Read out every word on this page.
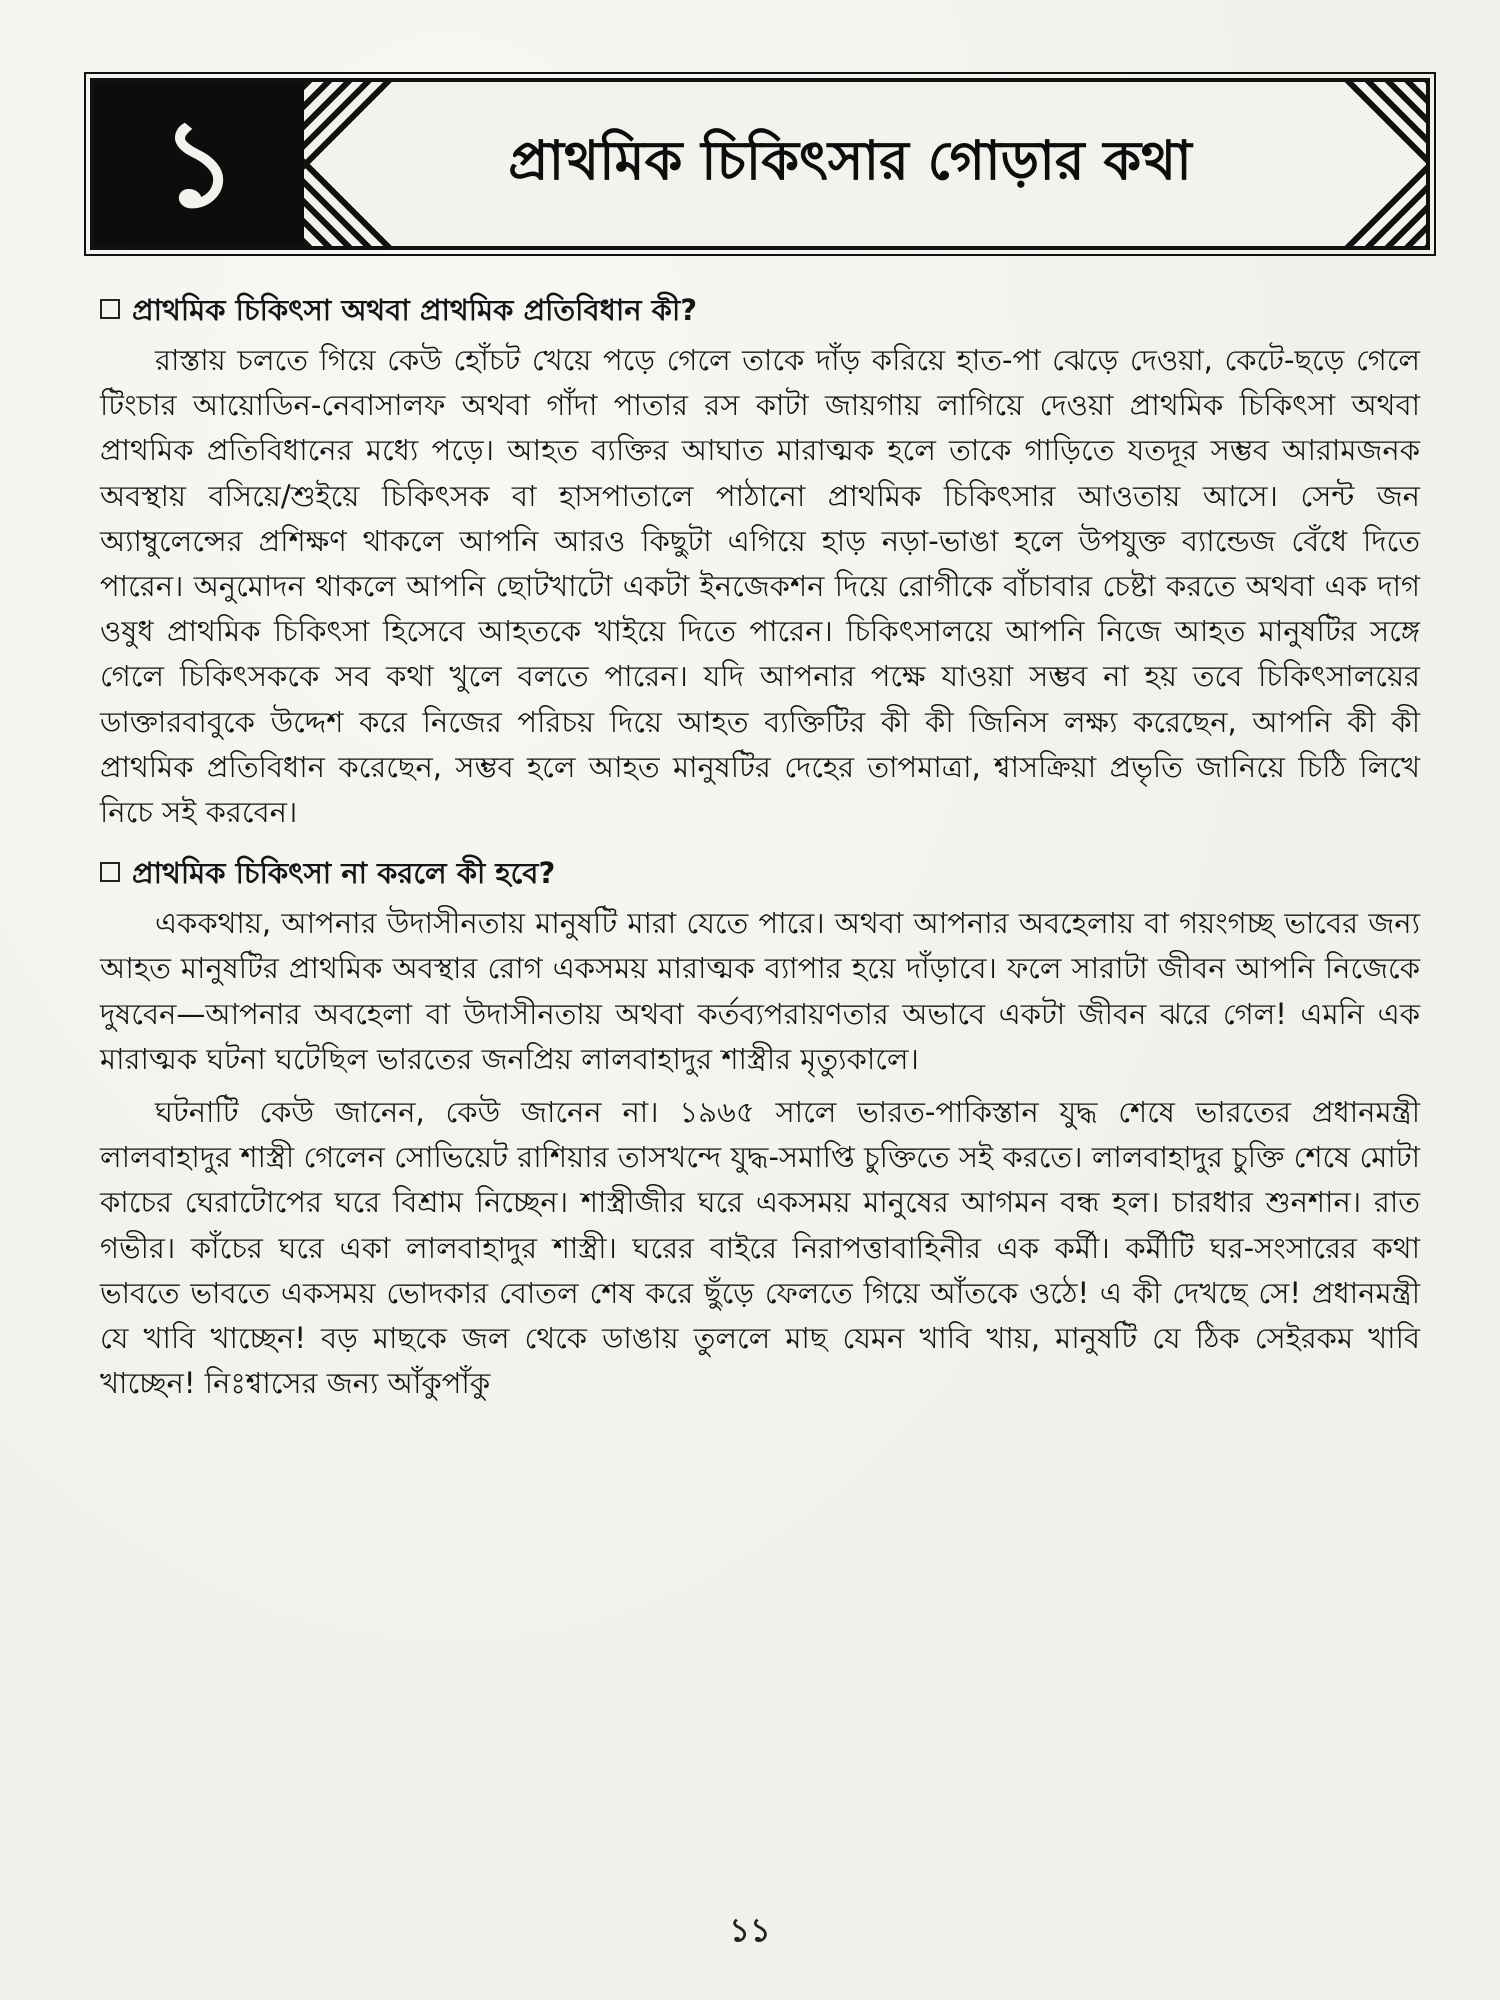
১	প্রাথমিক চিকিৎসার গোড়ার কথা
প্রাথমিক চিকিৎসা অথবা প্রাথমিক প্রতিবিধান কী?

রাস্তায় চলতে গিয়ে কেউ হোঁচট খেয়ে পড়ে গেলে তাকে দাঁড় করিয়ে হাত-পা ঝেড়ে দেওয়া, কেটে-ছড়ে গেলে টিংচার আয়োডিন-নেবাসালফ অথবা গাঁদা পাতার রস কাটা জায়গায় লাগিয়ে দেওয়া প্রাথমিক চিকিৎসা অথবা প্রাথমিক প্রতিবিধানের মধ্যে পড়ে। আহত ব্যক্তির আঘাত মারাত্মক হলে তাকে গাড়িতে যতদূর সম্ভব আরামজনক অবস্থায় বসিয়ে/শুইয়ে চিকিৎসক বা হাসপাতালে পাঠানো প্রাথমিক চিকিৎসার আওতায় আসে। সেন্ট জন অ্যাম্বুলেন্সের প্রশিক্ষণ থাকলে আপনি আরও কিছুটা এগিয়ে হাড় নড়া-ভাঙা হলে উপযুক্ত ব্যান্ডেজ বেঁধে দিতে পারেন। অনুমোদন থাকলে আপনি ছোটখাটো একটা ইনজেকশন দিয়ে রোগীকে বাঁচাবার চেষ্টা করতে অথবা এক দাগ ওষুধ প্রাথমিক চিকিৎসা হিসেবে আহতকে খাইয়ে দিতে পারেন। চিকিৎসালয়ে আপনি নিজে আহত মানুষটির সঙ্গে গেলে চিকিৎসককে সব কথা খুলে বলতে পারেন। যদি আপনার পক্ষে যাওয়া সম্ভব না হয় তবে চিকিৎসালয়ের ডাক্তারবাবুকে উদ্দেশ করে নিজের পরিচয় দিয়ে আহত ব্যক্তিটির কী কী জিনিস লক্ষ্য করেছেন, আপনি কী কী প্রাথমিক প্রতিবিধান করেছেন, সম্ভব হলে আহত মানুষটির দেহের তাপমাত্রা, শ্বাসক্রিয়া প্রভৃতি জানিয়ে চিঠি লিখে নিচে সই করবেন।

প্রাথমিক চিকিৎসা না করলে কী হবে?

এককথায়, আপনার উদাসীনতায় মানুষটি মারা যেতে পারে। অথবা আপনার অবহেলায় বা গয়ংগচ্ছ ভাবের জন্য আহত মানুষটির প্রাথমিক অবস্থার রোগ একসময় মারাত্মক ব্যাপার হয়ে দাঁড়াবে। ফলে সারাটা জীবন আপনি নিজেকে দুষবেন—আপনার অবহেলা বা উদাসীনতায় অথবা কর্তব্যপরায়ণতার অভাবে একটা জীবন ঝরে গেল! এমনি এক মারাত্মক ঘটনা ঘটেছিল ভারতের জনপ্রিয় লালবাহাদুর শাস্ত্রীর মৃত্যুকালে।

ঘটনাটি কেউ জানেন, কেউ জানেন না। ১৯৬৫ সালে ভারত-পাকিস্তান যুদ্ধ শেষে ভারতের প্রধানমন্ত্রী লালবাহাদুর শাস্ত্রী গেলেন সোভিয়েট রাশিয়ার তাসখন্দে যুদ্ধ-সমাপ্তি চুক্তিতে সই করতে। লালবাহাদুর চুক্তি শেষে মোটা কাচের ঘেরাটোপের ঘরে বিশ্রাম নিচ্ছেন। শাস্ত্রীজীর ঘরে একসময় মানুষের আগমন বন্ধ হল। চারধার শুনশান। রাত গভীর। কাঁচের ঘরে একা লালবাহাদুর শাস্ত্রী। ঘরের বাইরে নিরাপত্তাবাহিনীর এক কর্মী। কর্মীটি ঘর-সংসারের কথা ভাবতে ভাবতে একসময় ভোদকার বোতল শেষ করে ছুঁড়ে ফেলতে গিয়ে আঁতকে ওঠে! এ কী দেখছে সে! প্রধানমন্ত্রী যে খাবি খাচ্ছেন! বড় মাছকে জল থেকে ডাঙায় তুললে মাছ যেমন খাবি খায়, মানুষটি যে ঠিক সেইরকম খাবি খাচ্ছেন! নিঃশ্বাসের জন্য আঁকুপাঁকু

১১
